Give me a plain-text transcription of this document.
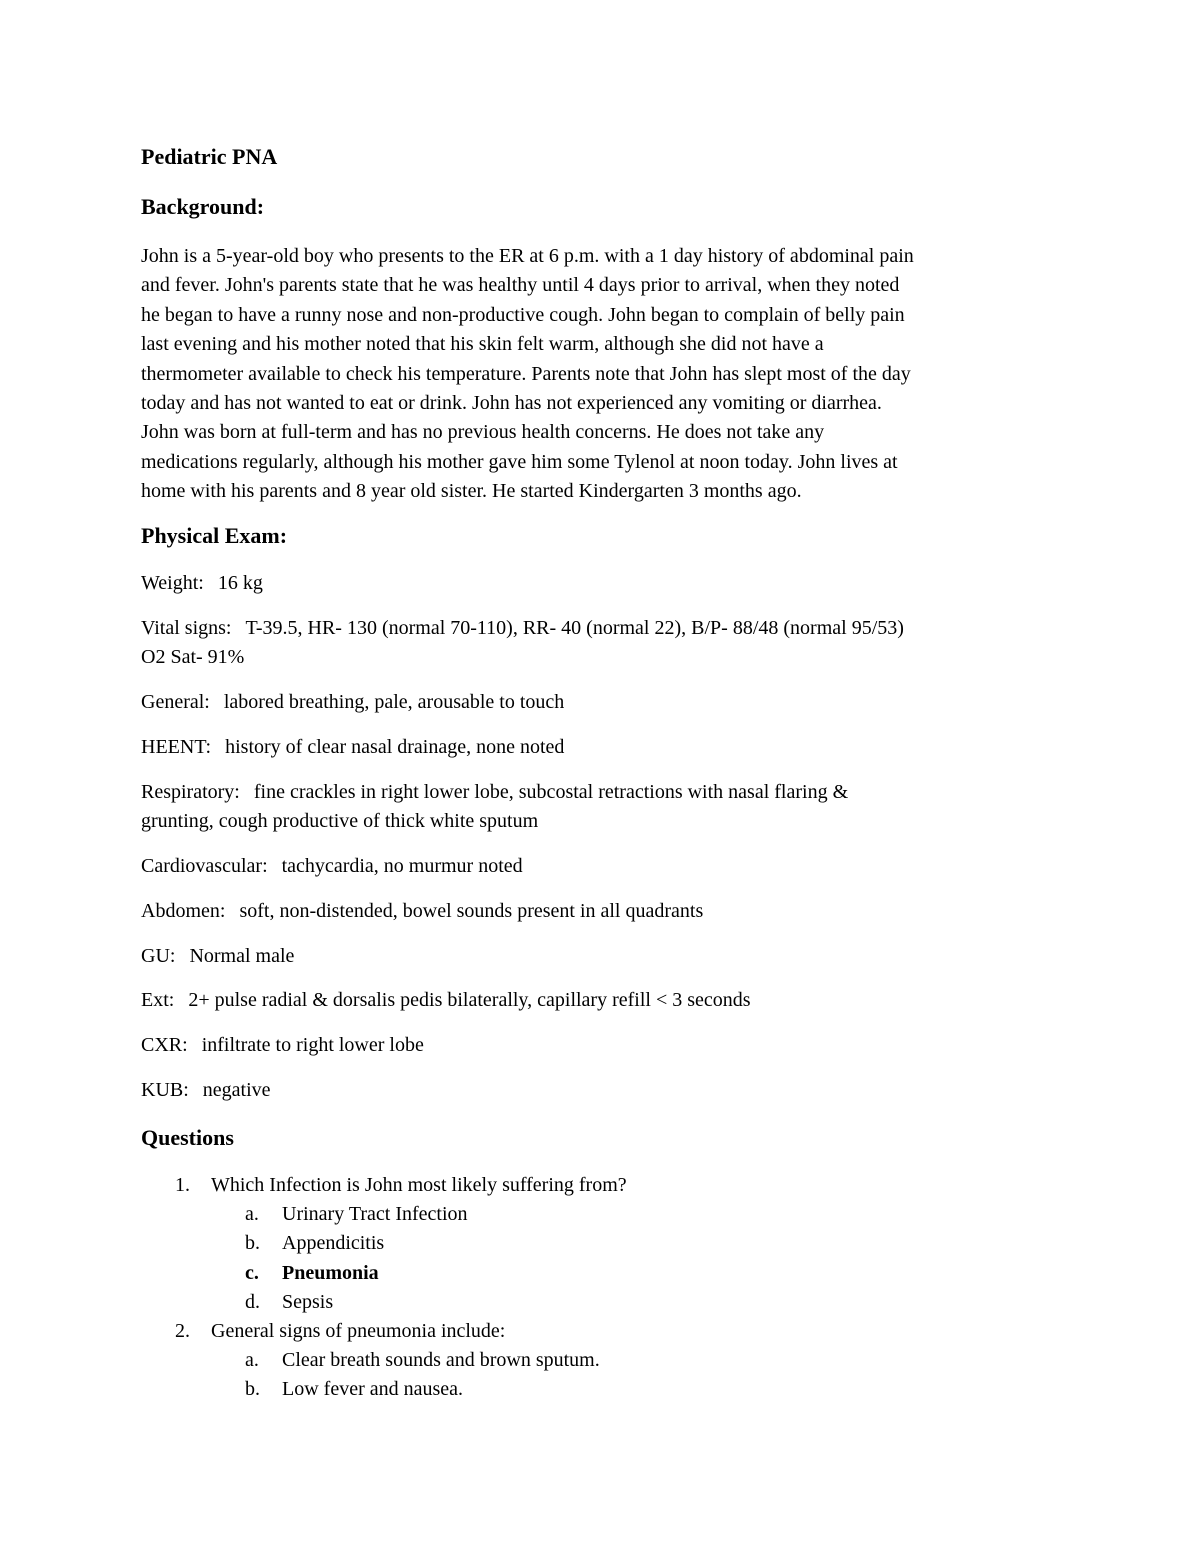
Pediatric PNA
Background:
John is a 5-year-old boy who presents to the ER at 6 p.m. with a 1 day history of abdominal pain
and fever. John's parents state that he was healthy until 4 days prior to arrival, when they noted
he began to have a runny nose and non-productive cough. John began to complain of belly pain
last evening and his mother noted that his skin felt warm, although she did not have a
thermometer available to check his temperature. Parents note that John has slept most of the day
today and has not wanted to eat or drink. John has not experienced any vomiting or diarrhea.
John was born at full-term and has no previous health concerns. He does not take any
medications regularly, although his mother gave him some Tylenol at noon today. John lives at
home with his parents and 8 year old sister. He started Kindergarten 3 months ago.
Physical Exam:
Weight: 16 kg
Vital signs: T-39.5, HR- 130 (normal 70-110), RR- 40 (normal 22), B/P- 88/48 (normal 95/53)
O2 Sat- 91%
General: labored breathing, pale, arousable to touch
HEENT: history of clear nasal drainage, none noted
Respiratory: fine crackles in right lower lobe, subcostal retractions with nasal flaring &
grunting, cough productive of thick white sputum
Cardiovascular: tachycardia, no murmur noted
Abdomen: soft, non-distended, bowel sounds present in all quadrants
GU: Normal male
Ext: 2+ pulse radial & dorsalis pedis bilaterally, capillary refill < 3 seconds
CXR: infiltrate to right lower lobe
KUB: negative
Questions
1.	Which Infection is John most likely suffering from?
a.	Urinary Tract Infection
b.	Appendicitis
c.	Pneumonia
d.	Sepsis
2.	General signs of pneumonia include:
a.	Clear breath sounds and brown sputum.
b.	Low fever and nausea.
